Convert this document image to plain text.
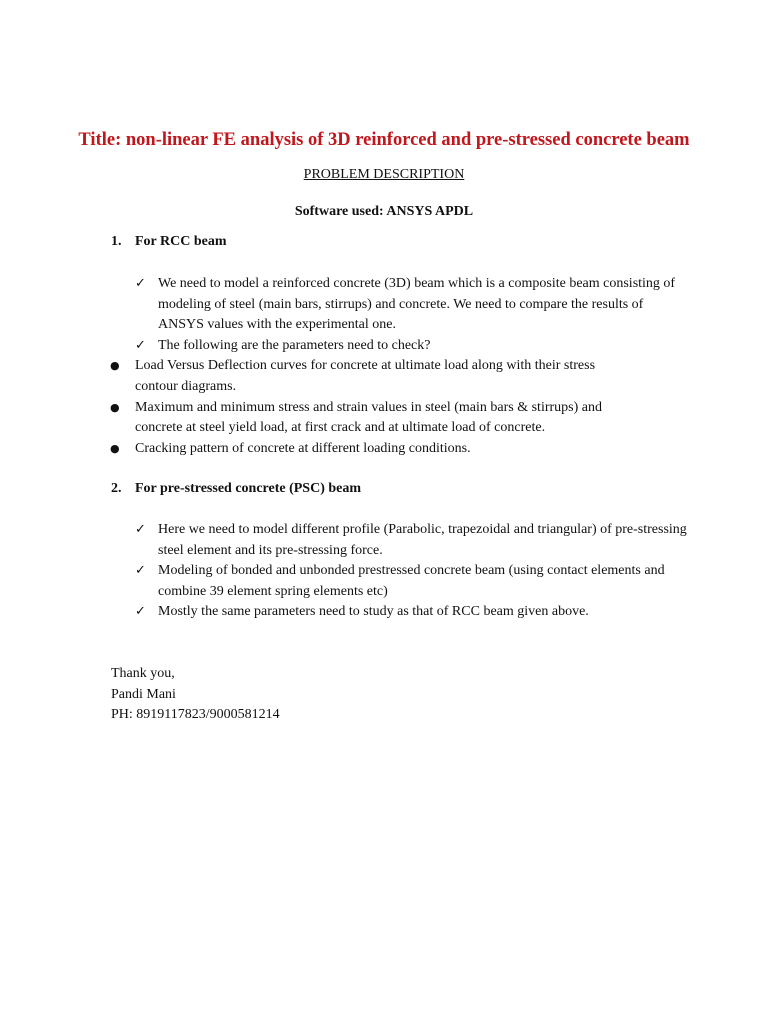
Title: non-linear FE analysis of 3D reinforced and pre-stressed concrete beam
PROBLEM DESCRIPTION
Software used: ANSYS APDL
1. For RCC beam
✓ We need to model a reinforced concrete (3D) beam which is a composite beam consisting of modeling of steel (main bars, stirrups) and concrete. We need to compare the results of ANSYS values with the experimental one.
✓ The following are the parameters need to check?
● Load Versus Deflection curves for concrete at ultimate load along with their stress contour diagrams.
● Maximum and minimum stress and strain values in steel (main bars & stirrups) and concrete at steel yield load, at first crack and at ultimate load of concrete.
● Cracking pattern of concrete at different loading conditions.
2. For pre-stressed concrete (PSC) beam
✓ Here we need to model different profile (Parabolic, trapezoidal and triangular) of pre-stressing steel element and its pre-stressing force.
✓ Modeling of bonded and unbonded prestressed concrete beam (using contact elements and combine 39 element spring elements etc)
✓ Mostly the same parameters need to study as that of RCC beam given above.
Thank you,
Pandi Mani
PH: 8919117823/9000581214
